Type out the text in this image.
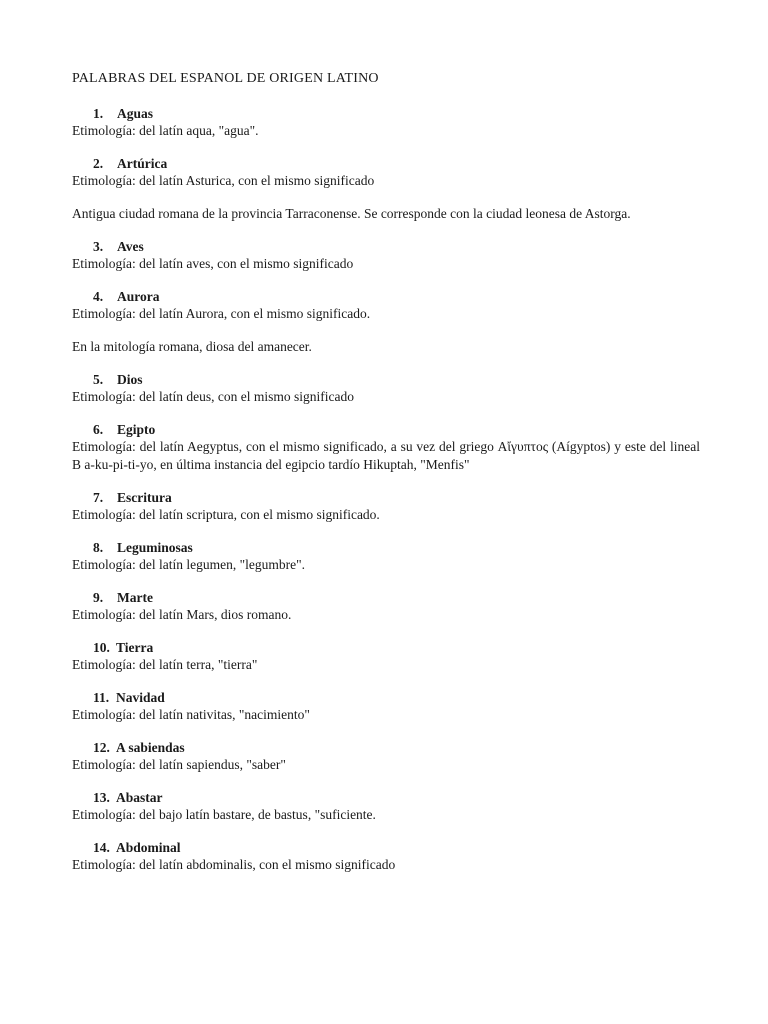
PALABRAS DEL ESPANOL DE ORIGEN LATINO
1.	Aguas

Etimología: del latín aqua, "agua".

2.	Artúrica

Etimología: del latín Asturica, con el mismo significado

Antigua ciudad romana de la provincia Tarraconense. Se corresponde con la ciudad leonesa de Astorga.

3.	Aves

Etimología: del latín aves, con el mismo significado

4.	Aurora

Etimología: del latín Aurora, con el mismo significado.

En la mitología romana, diosa del amanecer.

5.	Dios

Etimología: del latín deus, con el mismo significado

6.	Egipto

Etimología: del latín Aegyptus, con el mismo significado, a su vez del griego Αἴγυπτος (Aígyptos) y este del lineal B a-ku-pi-ti-yo, en última instancia del egipcio tardío Hikuptah, "Menfis"

7.	Escritura

Etimología: del latín scriptura, con el mismo significado.

8.	Leguminosas

Etimología: del latín legumen, "legumbre".

9.	Marte

Etimología: del latín Mars, dios romano.

10. Tierra

Etimología: del latín terra, "tierra"

11. Navidad

Etimología: del latín nativitas, "nacimiento"

12. A sabiendas

Etimología: del latín sapiendus, "saber"

13. Abastar

Etimología: del bajo latín bastare, de bastus, "suficiente.

14. Abdominal

Etimología: del latín abdominalis, con el mismo significado
